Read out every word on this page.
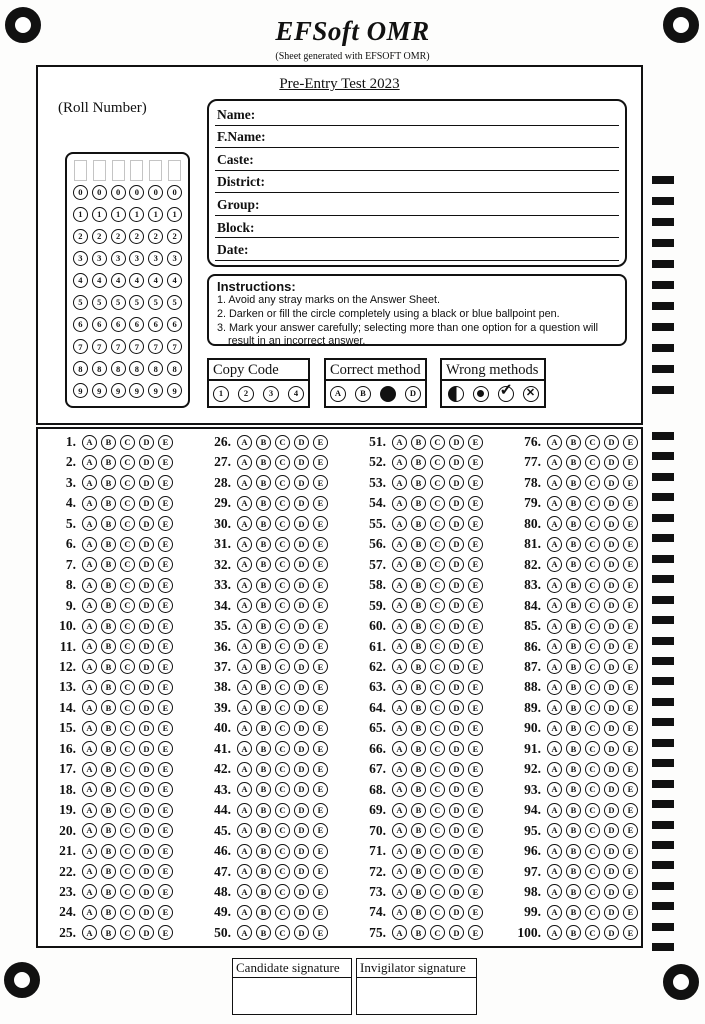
EFSoft OMR
(Sheet generated with EFSOFT OMR)
Pre-Entry Test 2023
(Roll Number)
0	0	0	0	0	0
1	1	1	1	1	1
2	2	2	2	2	2
3	3	3	3	3	3
4	4	4	4	4	4
5	5	5	5	5	5
6	6	6	6	6	6
7	7	7	7	7	7
8	8	8	8	8	8
9	9	9	9	9	9
Name:
F.Name:
Caste:
District:
Group:
Block:
Date:
Instructions:
1. Avoid any stray marks on the Answer Sheet.
2. Darken or fill the circle completely using a black or blue ballpoint pen.
3. Mark your answer carefully; selecting more than one option for a question will result in an incorrect answer.
Copy Code
1	2	3	4
Correct method
A	B	D
Wrong methods
✓
✕
1.	A	B	C	D	E
2.	A	B	C	D	E
3.	A	B	C	D	E
4.	A	B	C	D	E
5.	A	B	C	D	E
6.	A	B	C	D	E
7.	A	B	C	D	E
8.	A	B	C	D	E
9.	A	B	C	D	E
10.	A	B	C	D	E
11.	A	B	C	D	E
12.	A	B	C	D	E
13.	A	B	C	D	E
14.	A	B	C	D	E
15.	A	B	C	D	E
16.	A	B	C	D	E
17.	A	B	C	D	E
18.	A	B	C	D	E
19.	A	B	C	D	E
20.	A	B	C	D	E
21.	A	B	C	D	E
22.	A	B	C	D	E
23.	A	B	C	D	E
24.	A	B	C	D	E
25.	A	B	C	D	E
26.	A	B	C	D	E
27.	A	B	C	D	E
28.	A	B	C	D	E
29.	A	B	C	D	E
30.	A	B	C	D	E
31.	A	B	C	D	E
32.	A	B	C	D	E
33.	A	B	C	D	E
34.	A	B	C	D	E
35.	A	B	C	D	E
36.	A	B	C	D	E
37.	A	B	C	D	E
38.	A	B	C	D	E
39.	A	B	C	D	E
40.	A	B	C	D	E
41.	A	B	C	D	E
42.	A	B	C	D	E
43.	A	B	C	D	E
44.	A	B	C	D	E
45.	A	B	C	D	E
46.	A	B	C	D	E
47.	A	B	C	D	E
48.	A	B	C	D	E
49.	A	B	C	D	E
50.	A	B	C	D	E
51.	A	B	C	D	E
52.	A	B	C	D	E
53.	A	B	C	D	E
54.	A	B	C	D	E
55.	A	B	C	D	E
56.	A	B	C	D	E
57.	A	B	C	D	E
58.	A	B	C	D	E
59.	A	B	C	D	E
60.	A	B	C	D	E
61.	A	B	C	D	E
62.	A	B	C	D	E
63.	A	B	C	D	E
64.	A	B	C	D	E
65.	A	B	C	D	E
66.	A	B	C	D	E
67.	A	B	C	D	E
68.	A	B	C	D	E
69.	A	B	C	D	E
70.	A	B	C	D	E
71.	A	B	C	D	E
72.	A	B	C	D	E
73.	A	B	C	D	E
74.	A	B	C	D	E
75.	A	B	C	D	E
76.	A	B	C	D	E
77.	A	B	C	D	E
78.	A	B	C	D	E
79.	A	B	C	D	E
80.	A	B	C	D	E
81.	A	B	C	D	E
82.	A	B	C	D	E
83.	A	B	C	D	E
84.	A	B	C	D	E
85.	A	B	C	D	E
86.	A	B	C	D	E
87.	A	B	C	D	E
88.	A	B	C	D	E
89.	A	B	C	D	E
90.	A	B	C	D	E
91.	A	B	C	D	E
92.	A	B	C	D	E
93.	A	B	C	D	E
94.	A	B	C	D	E
95.	A	B	C	D	E
96.	A	B	C	D	E
97.	A	B	C	D	E
98.	A	B	C	D	E
99.	A	B	C	D	E
100.	A	B	C	D	E
Candidate signature	Invigilator signature
